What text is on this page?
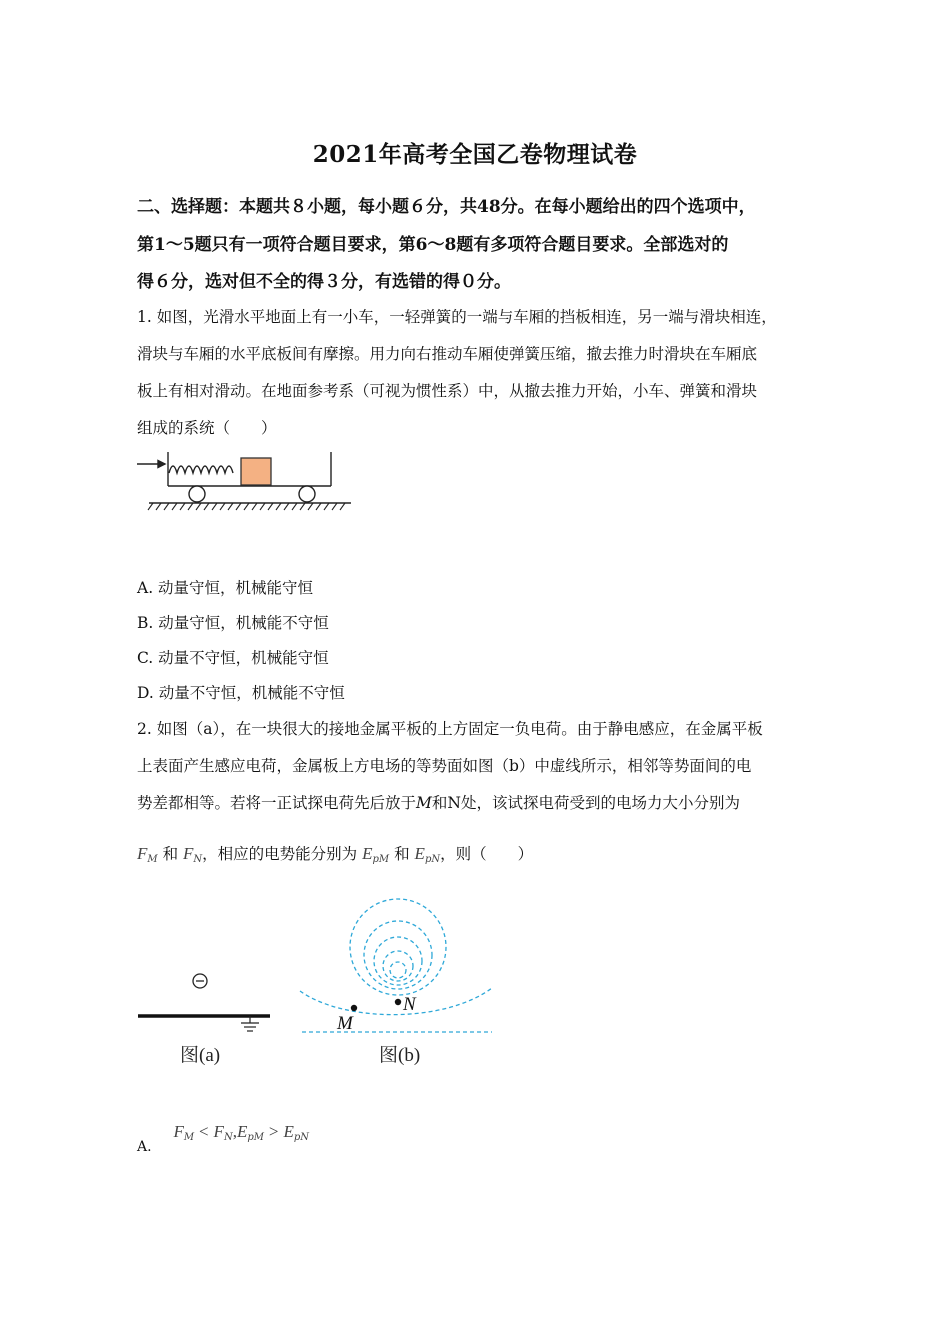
2021年高考全国乙卷物理试卷
二、选择题：本题共８小题，每小题６分，共48分。在每小题给出的四个选项中，
第1～5题只有一项符合题目要求，第6～8题有多项符合题目要求。全部选对的
得６分，选对但不全的得３分，有选错的得０分。
1. 如图，光滑水平地面上有一小车，一轻弹簧的一端与车厢的挡板相连，另一端与滑块相连，
滑块与车厢的水平底板间有摩擦。用力向右推动车厢使弹簧压缩，撤去推力时滑块在车厢底
板上有相对滑动。在地面参考系（可视为惯性系）中，从撤去推力开始，小车、弹簧和滑块
组成的系统（　　）
A. 动量守恒，机械能守恒
B. 动量守恒，机械能不守恒
C. 动量不守恒，机械能守恒
D. 动量不守恒，机械能不守恒
2. 如图（a），在一块很大的接地金属平板的上方固定一负电荷。由于静电感应，在金属平板
上表面产生感应电荷，金属板上方电场的等势面如图（b）中虚线所示，相邻等势面间的电
势差都相等。若将一正试探电荷先后放于M和N处，该试探电荷受到的电场力大小分别为
$F_M$ 和 $F_N$，相应的电势能分别为 $E_{pM}$ 和 $E_{pN}$，则（　　）
图(a)
M
N
图(b)
A.  $F_M < F_N,E_{pM} > E_{pN}$
